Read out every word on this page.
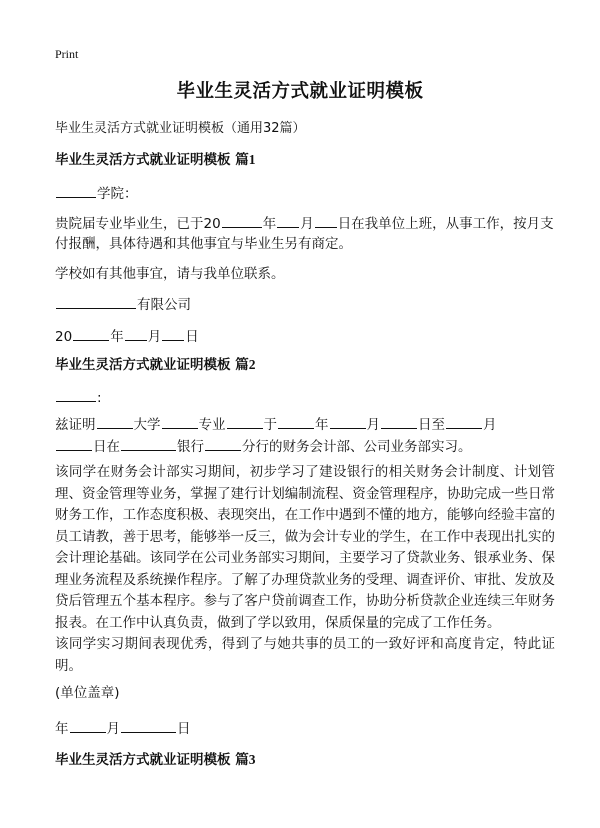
Print
毕业生灵活方式就业证明模板
毕业生灵活方式就业证明模板（通用32篇）
毕业生灵活方式就业证明模板 篇1
学院：
贵院届专业毕业生，已于20	年 月 日在我单位上班，从事工作，按月支
付报酬，具体待遇和其他事宜与毕业生另有商定。
学校如有其他事宜，请与我单位联系。
有限公司
20	年 月 日
毕业生灵活方式就业证明模板 篇2
:
兹证明	大学	专业	于	年	月	日至	月
日在	银行	分行的财务会计部、公司业务部实习。
该同学在财务会计部实习期间，初步学习了建设银行的相关财务会计制度、计划管理、资金管理等业务，掌握了建行计划编制流程、资金管理程序，协助完成一些日常财务工作，工作态度积极、表现突出，在工作中遇到不懂的地方，能够向经验丰富的员工请教，善于思考，能够举一反三，做为会计专业的学生，在工作中表现出扎实的会计理论基础。该同学在公司业务部实习期间，主要学习了贷款业务、银承业务、保理业务流程及系统操作程序。了解了办理贷款业务的受理、调查评价、审批、发放及贷后管理五个基本程序。参与了客户贷前调查工作，协助分析贷款企业连续三年财务报表。在工作中认真负责，做到了学以致用，保质保量的完成了工作任务。
该同学实习期间表现优秀，得到了与她共事的员工的一致好评和高度肯定，特此证明。
(单位盖章)
年	月	日
毕业生灵活方式就业证明模板 篇3
